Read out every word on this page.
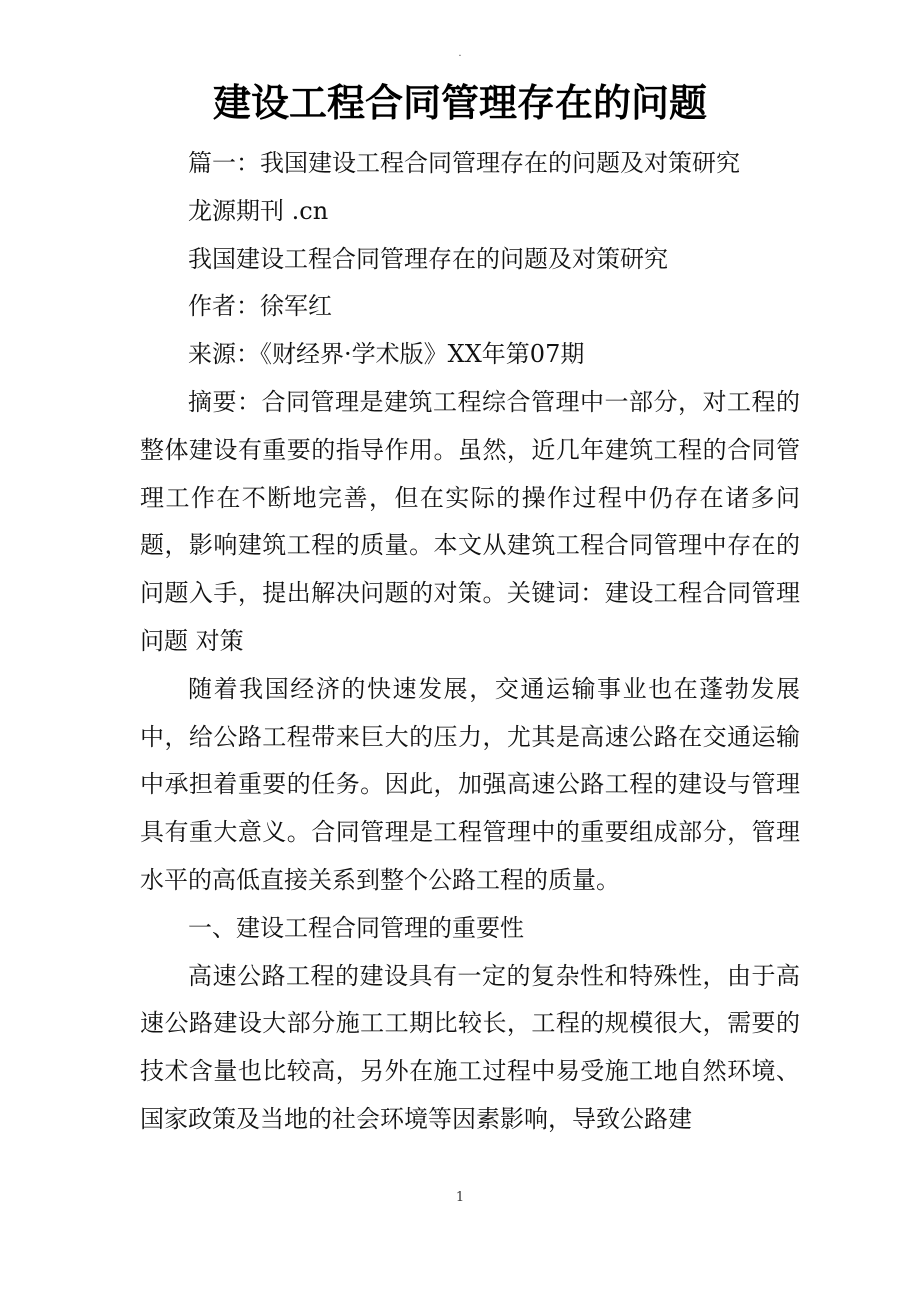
.
建设工程合同管理存在的问题

篇一：我国建设工程合同管理存在的问题及对策研究

龙源期刊 .cn

我国建设工程合同管理存在的问题及对策研究

作者：徐军红

来源：《财经界·学术版》XX年第07期

摘要：合同管理是建筑工程综合管理中一部分，对工程的整体建设有重要的指导作用。虽然，近几年建筑工程的合同管理工作在不断地完善，但在实际的操作过程中仍存在诸多问题，影响建筑工程的质量。本文从建筑工程合同管理中存在的问题入手，提出解决问题的对策。关键词：建设工程合同管理 问题 对策

随着我国经济的快速发展，交通运输事业也在蓬勃发展中，给公路工程带来巨大的压力，尤其是高速公路在交通运输中承担着重要的任务。因此，加强高速公路工程的建设与管理具有重大意义。合同管理是工程管理中的重要组成部分，管理水平的高低直接关系到整个公路工程的质量。

一、建设工程合同管理的重要性

高速公路工程的建设具有一定的复杂性和特殊性，由于高速公路建设大部分施工工期比较长，工程的规模很大，需要的技术含量也比较高，另外在施工过程中易受施工地自然环境、国家政策及当地的社会环境等因素影响，导致公路建

1
